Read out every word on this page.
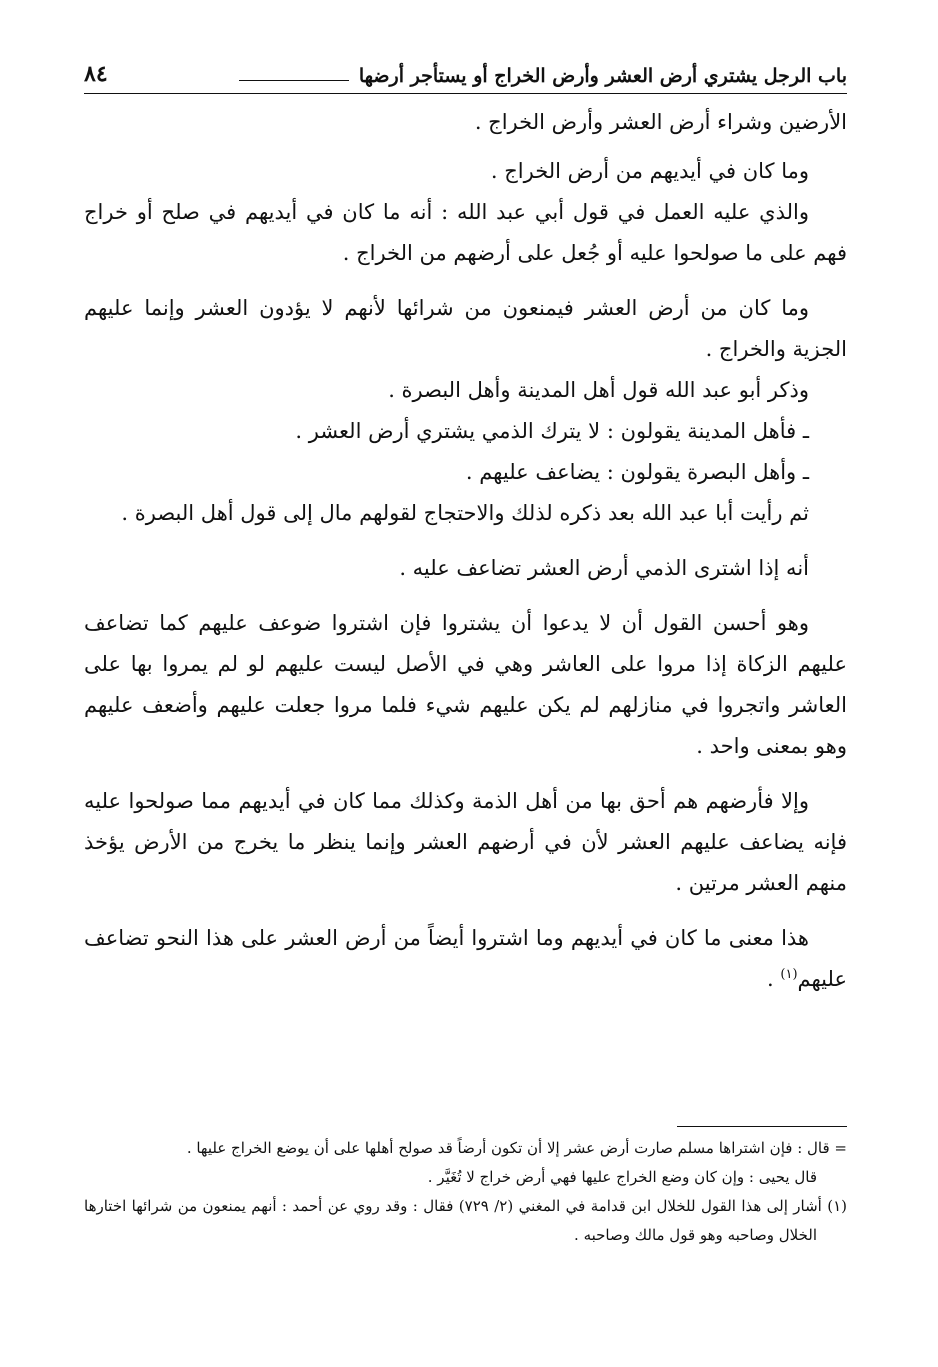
باب الرجل يشتري أرض العشر وأرض الخراج أو يستأجر أرضها
٨٤

الأرضين وشراء أرض العشر وأرض الخراج .

وما كان في أيديهم من أرض الخراج .

والذي عليه العمل في قول أبي عبد الله : أنه ما كان في أيديهم في صلح أو خراج فهم على ما صولحوا عليه أو جُعل على أرضهم من الخراج .

وما كان من أرض العشر فيمنعون من شرائها لأنهم لا يؤدون العشر وإنما عليهم الجزية والخراج .

وذكر أبو عبد الله قول أهل المدينة وأهل البصرة .

ـ فأهل المدينة يقولون : لا يترك الذمي يشتري أرض العشر .

ـ وأهل البصرة يقولون : يضاعف عليهم .

ثم رأيت أبا عبد الله بعد ذكره لذلك والاحتجاج لقولهم مال إلى قول أهل البصرة .

أنه إذا اشترى الذمي أرض العشر تضاعف عليه .

وهو أحسن القول أن لا يدعوا أن يشتروا فإن اشتروا ضوعف عليهم كما تضاعف عليهم الزكاة إذا مروا على العاشر وهي في الأصل ليست عليهم لو لم يمروا بها على العاشر واتجروا في منازلهم لم يكن عليهم شيء فلما مروا جعلت عليهم وأضعف عليهم وهو بمعنى واحد .

وإلا فأرضهم هم أحق بها من أهل الذمة وكذلك مما كان في أيديهم مما صولحوا عليه فإنه يضاعف عليهم العشر لأن في أرضهم العشر وإنما ينظر ما يخرج من الأرض يؤخذ منهم العشر مرتين .

هذا معنى ما كان في أيديهم وما اشتروا أيضاً من أرض العشر على هذا النحو تضاعف عليهم$^{(١)}$ .

= قال : فإن اشتراها مسلم صارت أرض عشر إلا أن تكون أرضاً قد صولح أهلها على أن يوضع الخراج عليها .

قال يحيى : وإن كان وضع الخراج عليها فهي أرض خراج لا تُغَيَّر .

(١) أشار إلى هذا القول للخلال ابن قدامة في المغني (٢/ ٧٢٩) فقال : وقد روي عن أحمد : أنهم يمنعون من شرائها اختارها الخلال وصاحبه وهو قول مالك وصاحبه .
